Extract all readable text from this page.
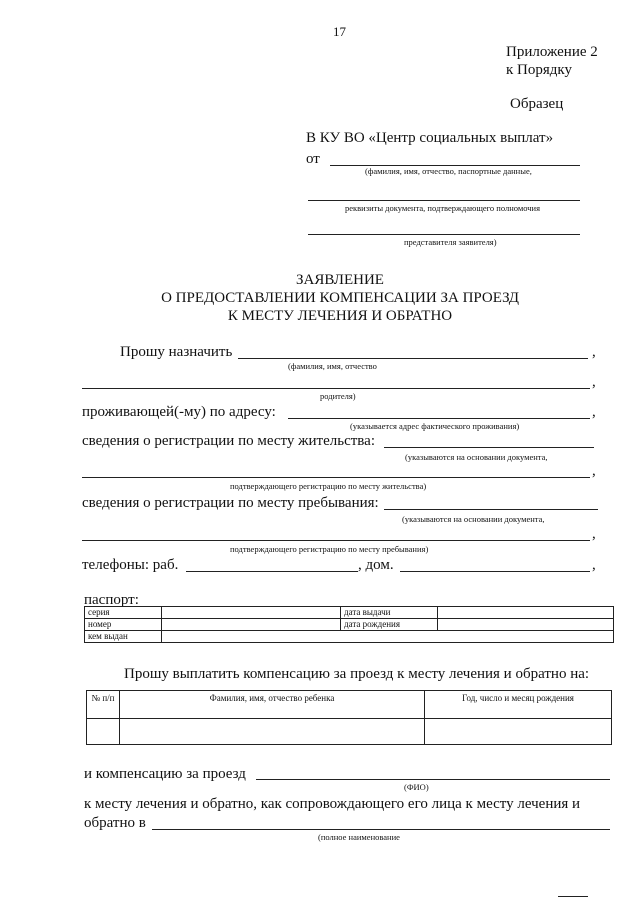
17
Приложение 2
к Порядку
Образец
В КУ ВО «Центр социальных выплат»
от
(фамилия, имя, отчество, паспортные данные,
реквизиты документа, подтверждающего полномочия
представителя заявителя)
ЗАЯВЛЕНИЕ
О ПРЕДОСТАВЛЕНИИ КОМПЕНСАЦИИ ЗА ПРОЕЗД
К МЕСТУ ЛЕЧЕНИЯ И ОБРАТНО
Прошу назначить	,
(фамилия, имя, отчество
,
родителя)
проживающей(-му) по адресу:	,
(указывается адрес фактического проживания)
сведения о регистрации по месту жительства:
(указываются на основании документа,
,
подтверждающего регистрацию по месту жительства)
сведения о регистрации по месту пребывания:
(указываются на основании документа,
,
подтверждающего регистрацию по месту пребывания)
телефоны: раб.	, дом.	,
паспорт:
серия		дата выдачи	
номер		дата рождения	
кем выдан			
Прошу выплатить компенсацию за проезд к месту лечения и обратно на:
№ п/п	Фамилия, имя, отчество ребенка	Год, число и месяц рождения

и компенсацию за проезд
(ФИО)
к месту лечения и обратно, как сопровождающего его лица к месту лечения и
обратно в
(полное наименование
